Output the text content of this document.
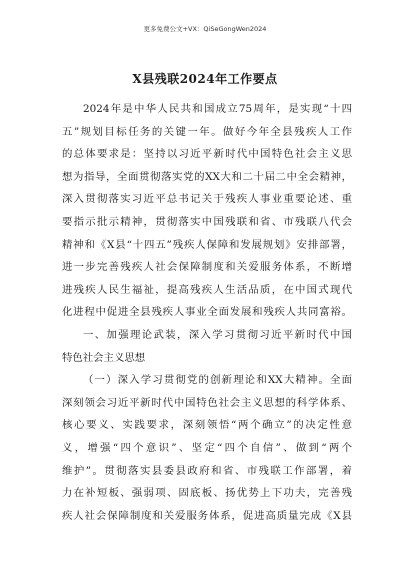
更多免费公文+VX：QiSeGongWen2024
X县残联2024年工作要点
2024年是中华人民共和国成立75周年，是实现“十四
五”规划目标任务的关键一年。做好今年全县残疾人工作
的总体要求是：坚持以习近平新时代中国特色社会主义思
想为指导，全面贯彻落实党的XX大和二十届二中全会精神，
深入贯彻落实习近平总书记关于残疾人事业重要论述、重
要指示批示精神，贯彻落实中国残联和省、市残联八代会
精神和《X县“十四五”残疾人保障和发展规划》安排部署，
进一步完善残疾人社会保障制度和关爱服务体系，不断增
进残疾人民生福祉，提高残疾人生活品质，在中国式现代
化进程中促进全县残疾人事业全面发展和残疾人共同富裕。
一、加强理论武装，深入学习贯彻习近平新时代中国
特色社会主义思想
（一）深入学习贯彻党的创新理论和XX大精神。全面
深刻领会习近平新时代中国特色社会主义思想的科学体系、
核心要义、实践要求，深刻领悟“两个确立”的决定性意
义，增强“四个意识”、坚定“四个自信”、做到“两个
维护”。贯彻落实县委县政府和省、市残联工作部署，着
力在补短板、强弱项、固底板、扬优势上下功夫，完善残
疾人社会保障制度和关爱服务体系，促进高质量完成《X县
